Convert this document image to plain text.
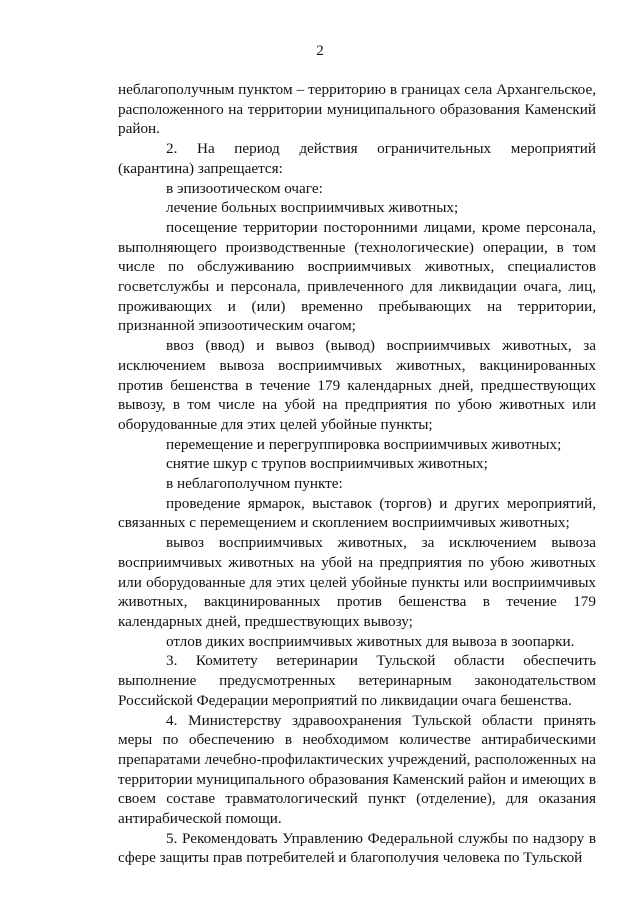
2

неблагополучным пунктом – территорию в границах села Архангельское, расположенного на территории муниципального образования Каменский район.

2. На период действия ограничительных мероприятий (карантина) запрещается:

в эпизоотическом очаге:

лечение больных восприимчивых животных;

посещение территории посторонними лицами, кроме персонала, выполняющего производственные (технологические) операции, в том числе по обслуживанию восприимчивых животных, специалистов госветслужбы и персонала, привлеченного для ликвидации очага, лиц, проживающих и (или) временно пребывающих на территории, признанной эпизоотическим очагом;

ввоз (ввод) и вывоз (вывод) восприимчивых животных, за исключением вывоза восприимчивых животных, вакцинированных против бешенства в течение 179 календарных дней, предшествующих вывозу, в том числе на убой на предприятия по убою животных или оборудованные для этих целей убойные пункты;

перемещение и перегруппировка восприимчивых животных;

снятие шкур с трупов восприимчивых животных;

в неблагополучном пункте:

проведение ярмарок, выставок (торгов) и других мероприятий, связанных с перемещением и скоплением восприимчивых животных;

вывоз восприимчивых животных, за исключением вывоза восприимчивых животных на убой на предприятия по убою животных или оборудованные для этих целей убойные пункты или восприимчивых животных, вакцинированных против бешенства в течение 179 календарных дней, предшествующих вывозу;

отлов диких восприимчивых животных для вывоза в зоопарки.

3. Комитету ветеринарии Тульской области обеспечить выполнение предусмотренных ветеринарным законодательством Российской Федерации мероприятий по ликвидации очага бешенства.

4. Министерству здравоохранения Тульской области принять меры по обеспечению в необходимом количестве антирабическими препаратами лечебно-профилактических учреждений, расположенных на территории муниципального образования Каменский район и имеющих в своем составе травматологический пункт (отделение), для оказания антирабической помощи.

5. Рекомендовать Управлению Федеральной службы по надзору в сфере защиты прав потребителей и благополучия человека по Тульской
